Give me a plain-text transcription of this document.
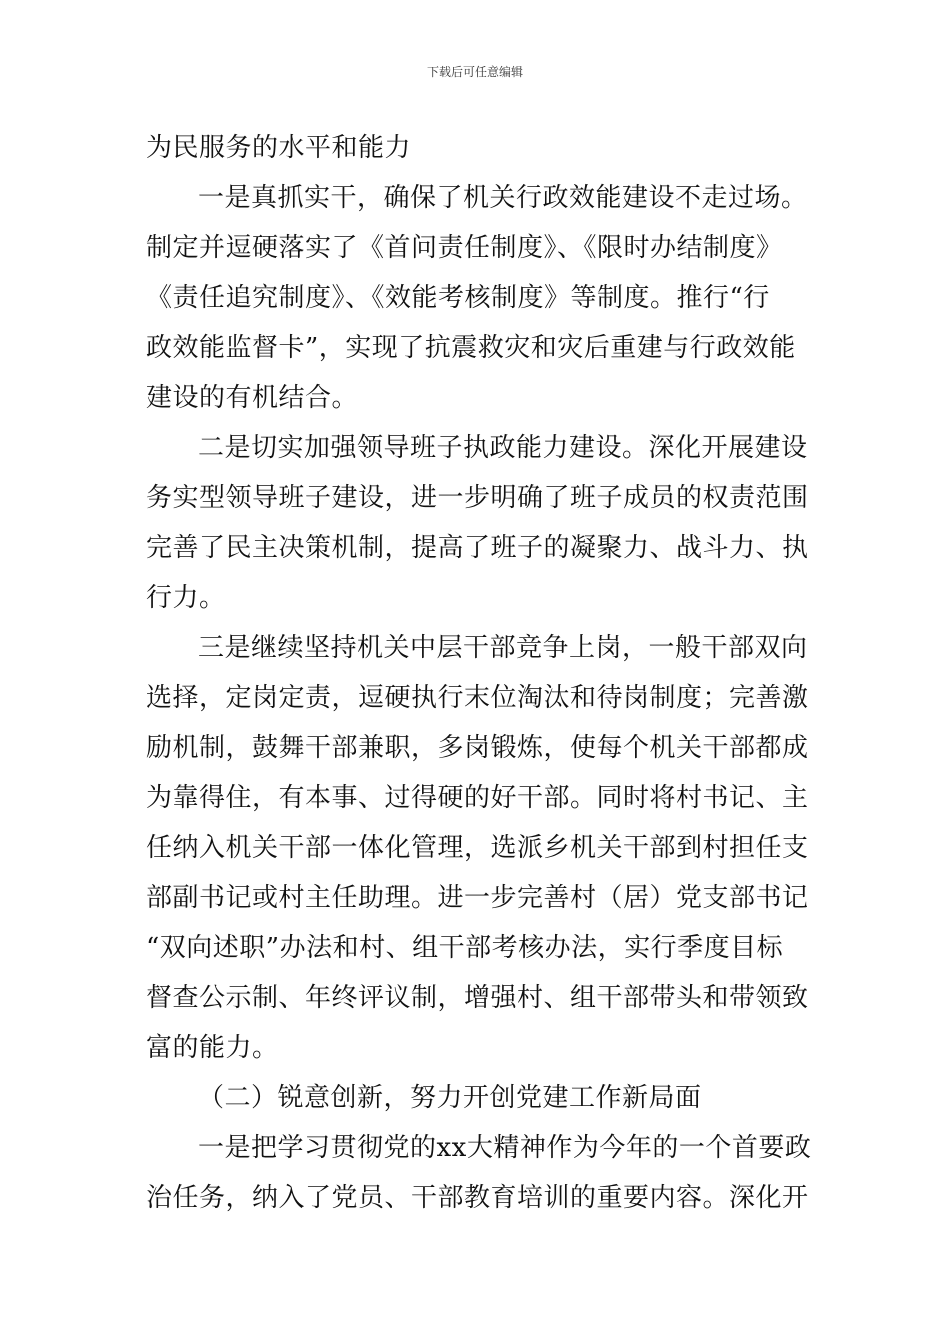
下载后可任意编辑
为民服务的水平和能力
一是真抓实干，确保了机关行政效能建设不走过场。
制定并逗硬落实了《首问责任制度》、《限时办结制度》
《责任追究制度》、《效能考核制度》等制度。推行“行
政效能监督卡”，实现了抗震救灾和灾后重建与行政效能
建设的有机结合。
二是切实加强领导班子执政能力建设。深化开展建设
务实型领导班子建设，进一步明确了班子成员的权责范围
完善了民主决策机制，提高了班子的凝聚力、战斗力、执
行力。
三是继续坚持机关中层干部竞争上岗，一般干部双向
选择，定岗定责，逗硬执行末位淘汰和待岗制度；完善激
励机制，鼓舞干部兼职，多岗锻炼，使每个机关干部都成
为靠得住，有本事、过得硬的好干部。同时将村书记、主
任纳入机关干部一体化管理，选派乡机关干部到村担任支
部副书记或村主任助理。进一步完善村（居）党支部书记
“双向述职”办法和村、组干部考核办法，实行季度目标
督查公示制、年终评议制，增强村、组干部带头和带领致
富的能力。
（二）锐意创新，努力开创党建工作新局面
一是把学习贯彻党的xx大精神作为今年的一个首要政
治任务，纳入了党员、干部教育培训的重要内容。深化开
